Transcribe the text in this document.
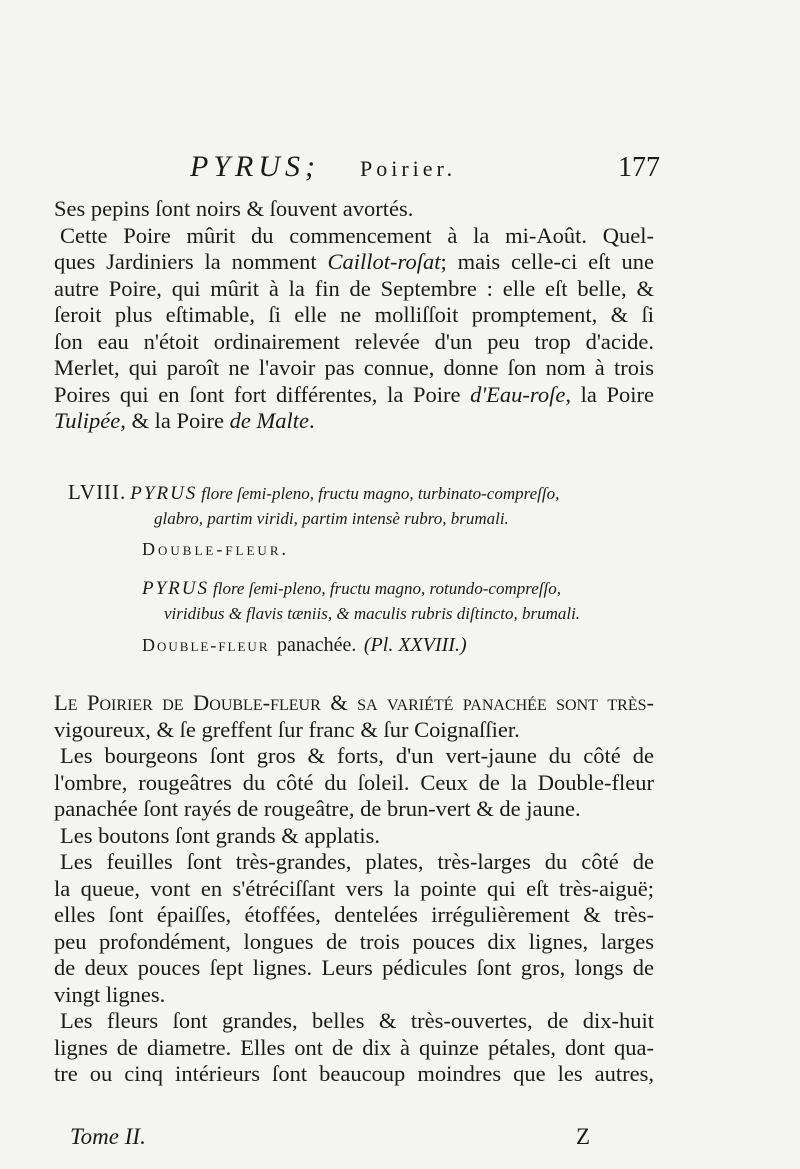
PYRUS; Poirier.	177
Ses pepins ſont noirs & ſouvent avortés.
Cette Poire mûrit du commencement à la mi-Août. Quel-
ques Jardiniers la nomment Caillot-roſat; mais celle-ci eſt une
autre Poire, qui mûrit à la fin de Septembre : elle eſt belle, &
ſeroit plus eſtimable, ſi elle ne molliſſoit promptement, & ſi
ſon eau n'étoit ordinairement relevée d'un peu trop d'acide.
Merlet, qui paroît ne l'avoir pas connue, donne ſon nom à trois
Poires qui en ſont fort différentes, la Poire d'Eau-roſe, la Poire
Tulipée, & la Poire de Malte.
LVIII. PYRUS flore ſemi-pleno, fructu magno, turbinato-compreſſo,
glabro, partim viridi, partim intensè rubro, brumali.
Double-fleur.
PYRUS flore ſemi-pleno, fructu magno, rotundo-compreſſo,
viridibus & flavis tæniis, & maculis rubris diſtincto, brumali.
Double-fleur panachée. (Pl. XXVIII.)
Le Poirier de Double-fleur & ſa variété panachée ſont très-
vigoureux, & ſe greffent ſur franc & ſur Coignaſſier.
Les bourgeons ſont gros & forts, d'un vert-jaune du côté de
l'ombre, rougeâtres du côté du ſoleil. Ceux de la Double-fleur
panachée ſont rayés de rougeâtre, de brun-vert & de jaune.
Les boutons ſont grands & applatis.
Les feuilles ſont très-grandes, plates, très-larges du côté de
la queue, vont en s'étréciſſant vers la pointe qui eſt très-aiguë;
elles ſont épaiſſes, étoffées, dentelées irrégulièrement & très-
peu profondément, longues de trois pouces dix lignes, larges
de deux pouces ſept lignes. Leurs pédicules ſont gros, longs de
vingt lignes.
Les fleurs ſont grandes, belles & très-ouvertes, de dix-huit
lignes de diametre. Elles ont de dix à quinze pétales, dont qua-
tre ou cinq intérieurs ſont beaucoup moindres que les autres,
Tome II.	Z
